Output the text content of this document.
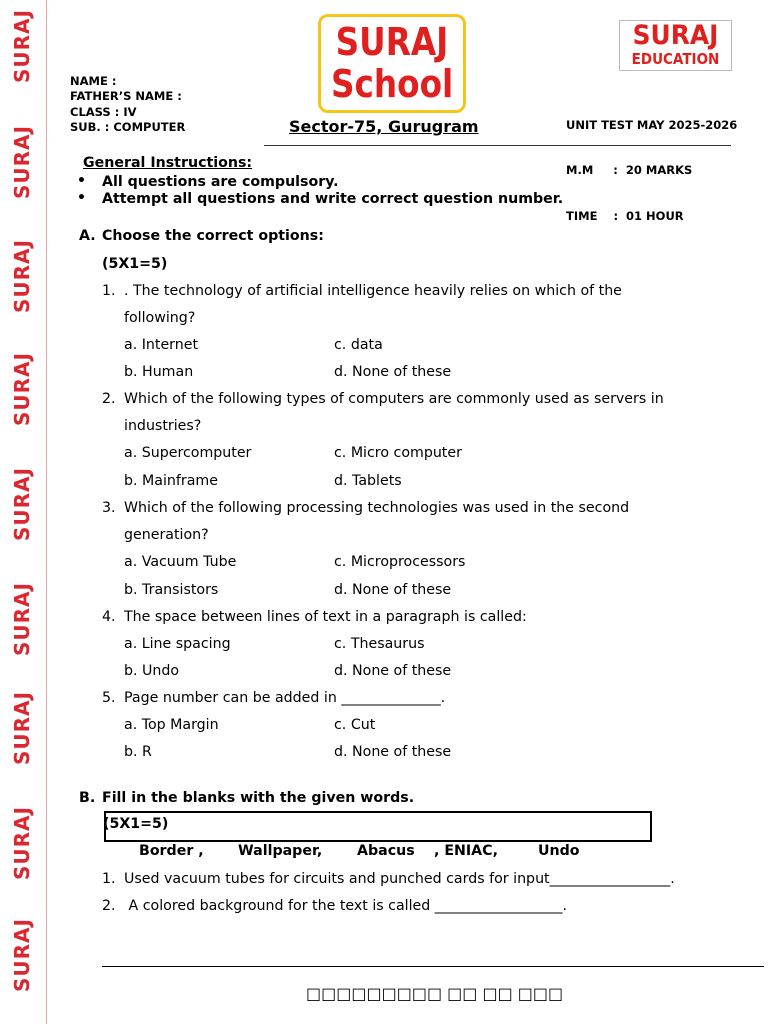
SURAJ
SURAJ
SURAJ
SURAJ
SURAJ
SURAJ
SURAJ
SURAJ
SURAJ
NAME :
FATHER’S NAME :
CLASS : IV
SUB. : COMPUTER
SURAJ
School
SURAJ
EDUCATION

UNIT TEST MAY 2025-2026

M.M     :  20 MARKS

TIME    :  01 HOUR

Sector-75, Gurugram
General Instructions:
• All questions are compulsory.
• Attempt all questions and write correct question number.
A. Choose the correct options:
(5X1=5)
1. . The technology of artificial intelligence heavily relies on which of the
following?
a. Internet	c. data
b. Human	d. None of these
2. Which of the following types of computers are commonly used as servers in
industries?
a. Supercomputer	c. Micro computer
b. Mainframe	d. Tablets
3. Which of the following processing technologies was used in the second
generation?
a. Vacuum Tube	c. Microprocessors
b. Transistors	d. None of these
4. The space between lines of text in a paragraph is called:
a. Line spacing	c. Thesaurus
b. Undo	d. None of these
5. Page number can be added in ______________.
a. Top Margin	c. Cut
b. R	d. None of these
B. Fill in the blanks with the given words.
(5X1=5)
Border , Wallpaper, Abacus , ENIAC,	Undo
1. Used vacuum tubes for circuits and punched cards for input_________________.
2. A colored background for the text is called __________________.
□□□□□□□□□ □□ □□ □□□
